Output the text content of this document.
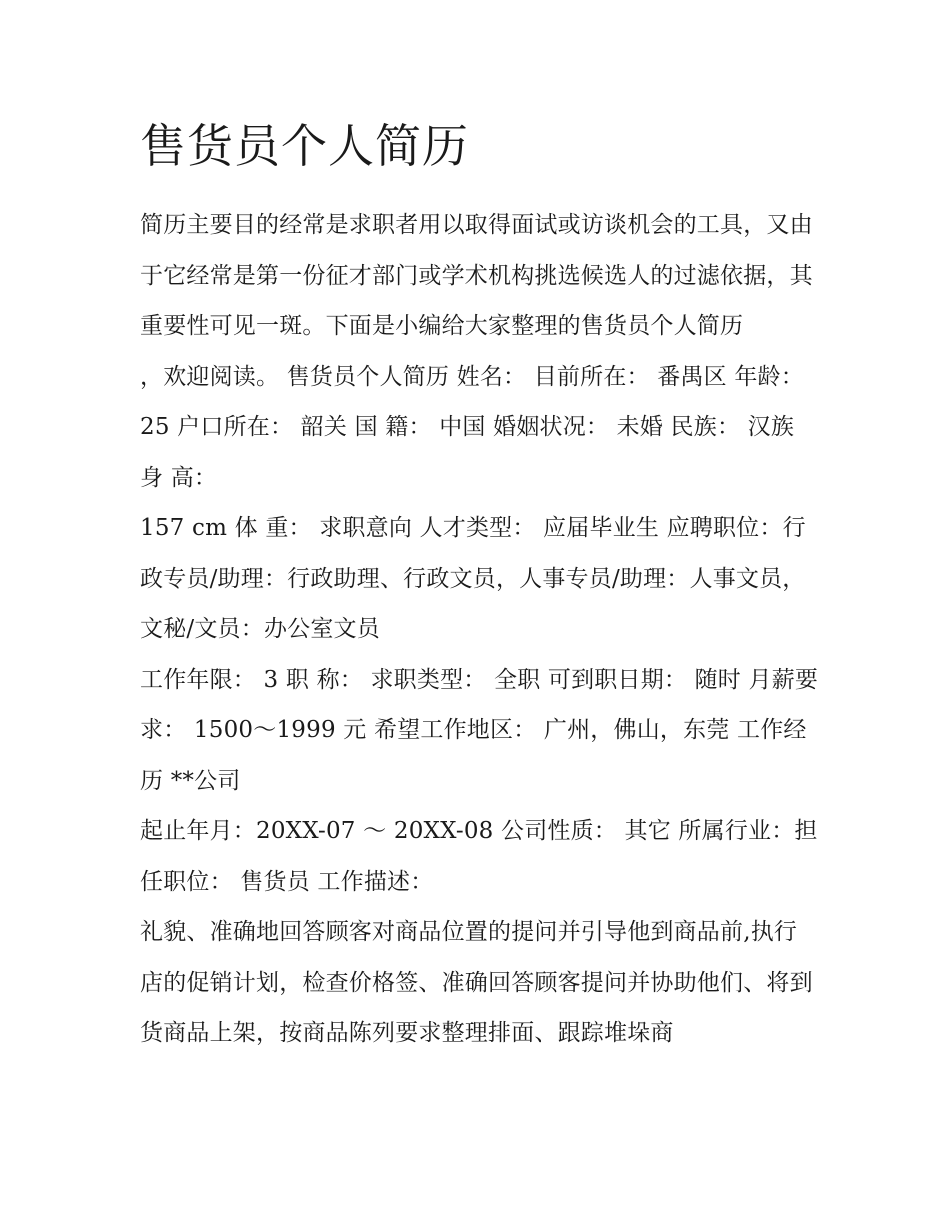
售货员个人简历

简历主要目的经常是求职者用以取得面试或访谈机会的工具，又由于它经常是第一份征才部门或学术机构挑选候选人的过滤依据，其重要性可见一斑。下面是小编给大家整理的售货员个人简历

，欢迎阅读。 售货员个人简历 姓名： 目前所在： 番禺区 年龄： 25 户口所在： 韶关 国 籍： 中国 婚姻状况： 未婚 民族： 汉族 身 高：

157 cm 体 重： 求职意向 人才类型： 应届毕业生 应聘职位：行政专员/助理：行政助理、行政文员，人事专员/助理：人事文员，文秘/文员：办公室文员

工作年限： 3 职 称： 求职类型： 全职 可到职日期： 随时 月薪要求： 1500～1999 元 希望工作地区： 广州，佛山，东莞 工作经历 **公司

起止年月：20XX-07 ～ 20XX-08 公司性质： 其它 所属行业：担任职位： 售货员 工作描述：

礼貌、准确地回答顾客对商品位置的提问并引导他到商品前,执行店的促销计划，检查价格签、准确回答顾客提问并协助他们、将到货商品上架，按商品陈列要求整理排面、跟踪堆垛商
